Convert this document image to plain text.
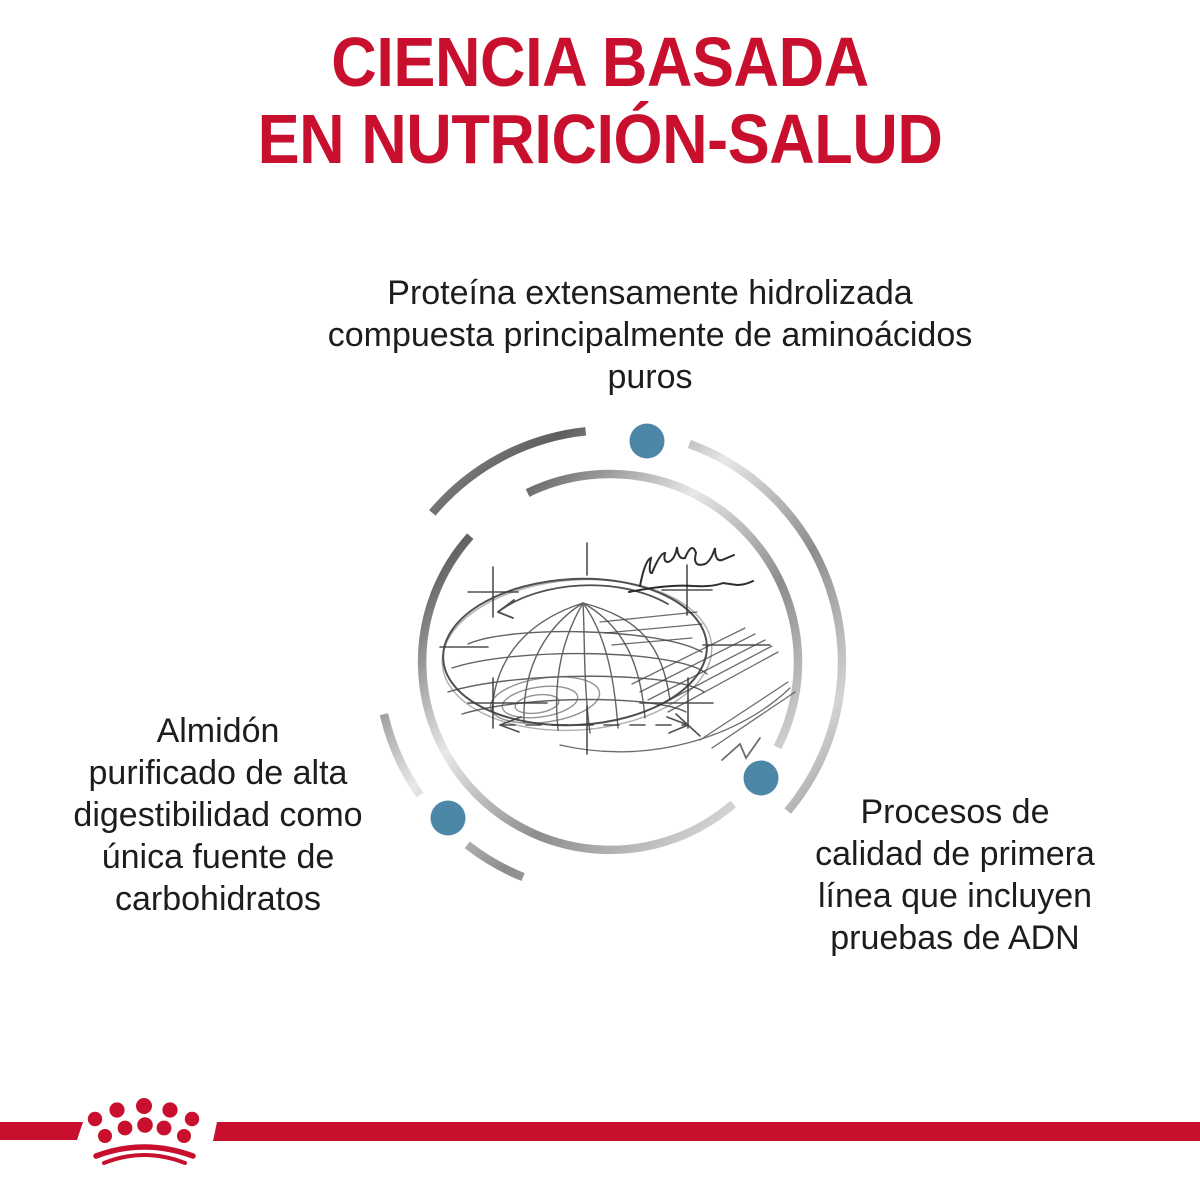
CIENCIA BASADA
EN NUTRICIÓN-SALUD
Proteína extensamente hidrolizada
compuesta principalmente de aminoácidos
puros
Almidón
purificado de alta
digestibilidad como
única fuente de
carbohidratos
Procesos de
calidad de primera
línea que incluyen
pruebas de ADN
